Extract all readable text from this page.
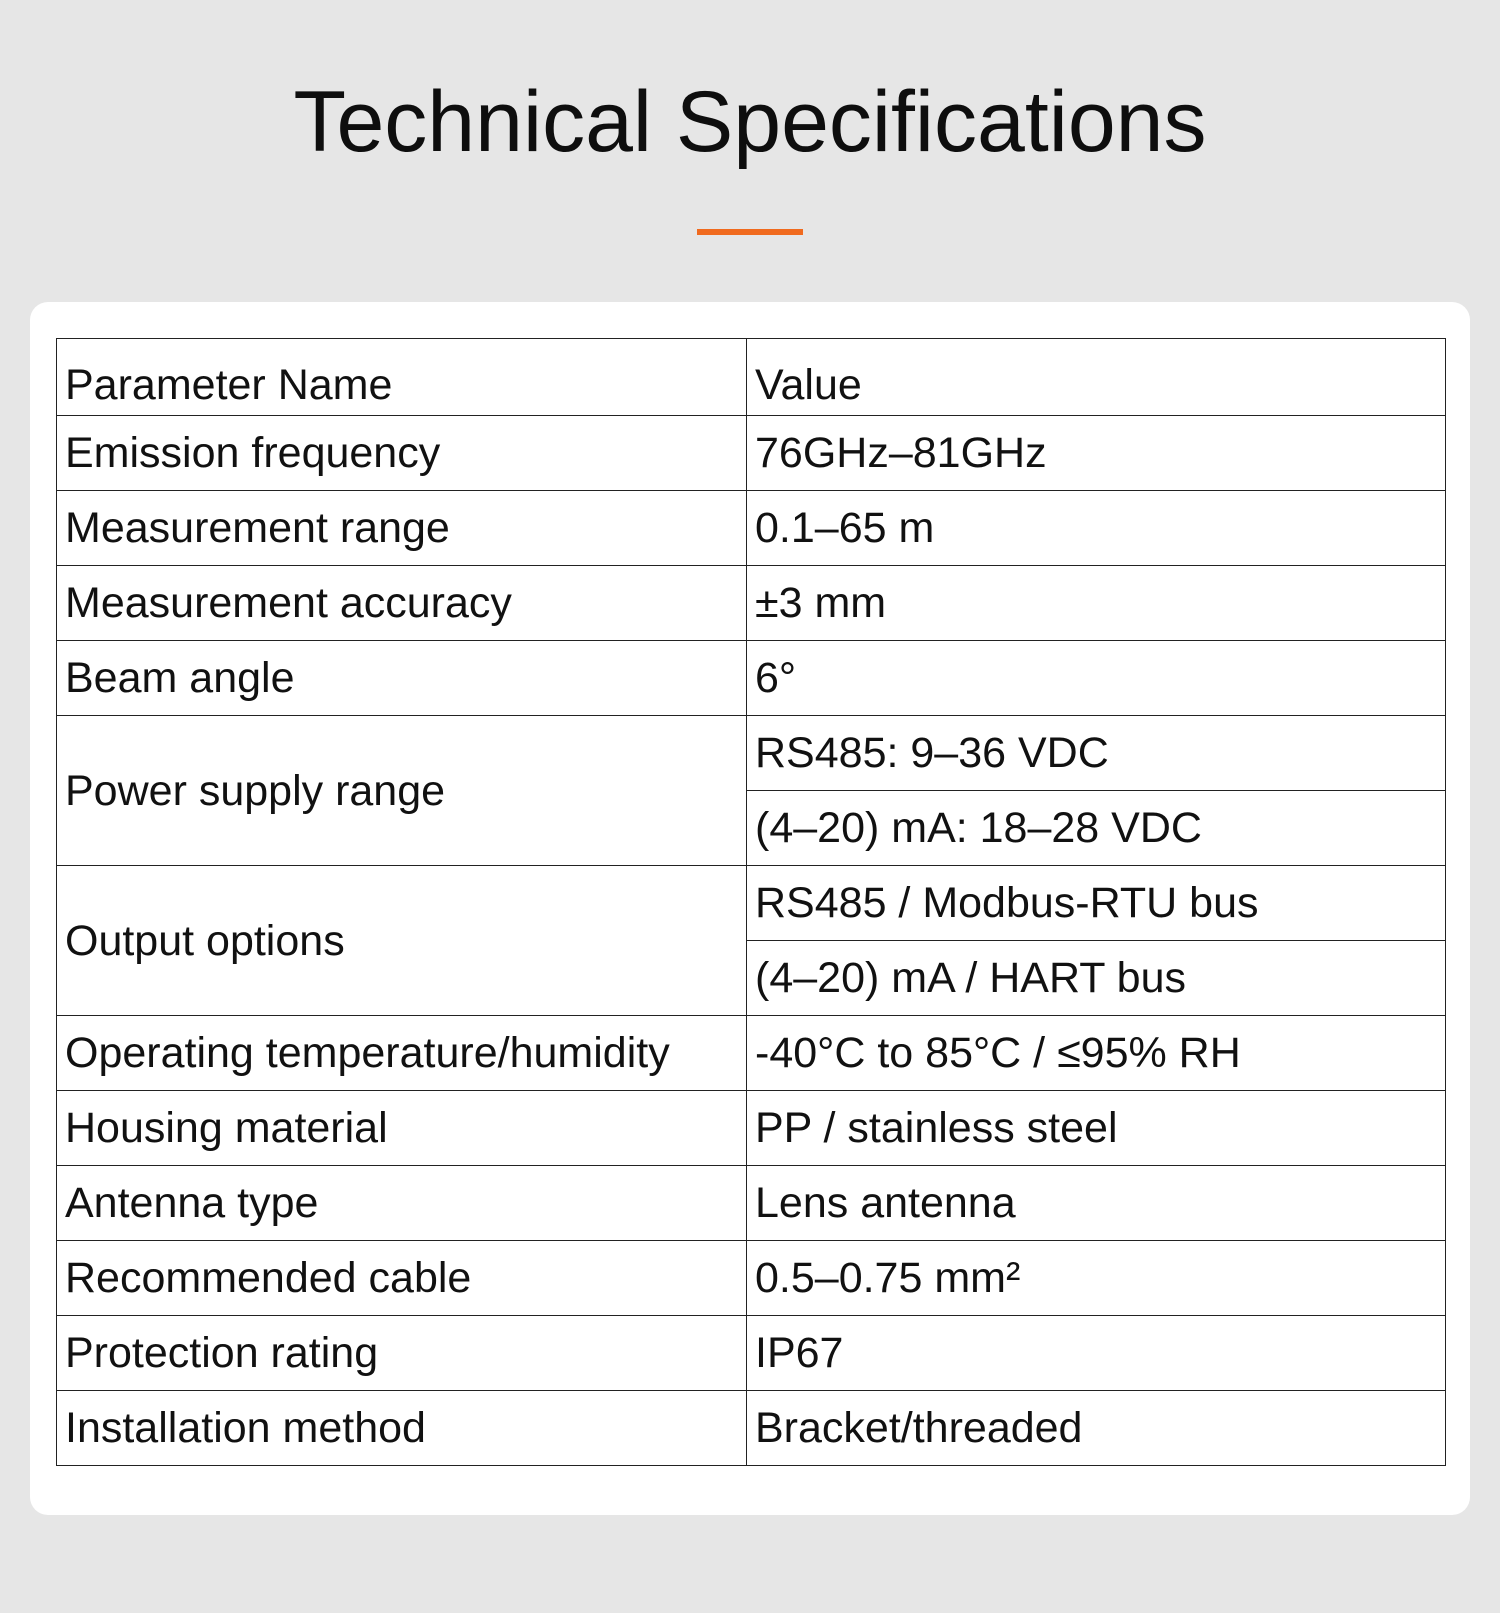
Technical Specifications
Parameter Name	Value
Emission frequency	76GHz–81GHz
Measurement range	0.1–65 m
Measurement accuracy	±3 mm
Beam angle	6°
Power supply range	RS485: 9–36 VDC
	(4–20) mA: 18–28 VDC
Output options	RS485 / Modbus-RTU bus
	(4–20) mA / HART bus
Operating temperature/humidity	-40°C to 85°C / ≤95% RH
Housing material	PP / stainless steel
Antenna type	Lens antenna
Recommended cable	0.5–0.75 mm²
Protection rating	IP67
Installation method	Bracket/threaded
